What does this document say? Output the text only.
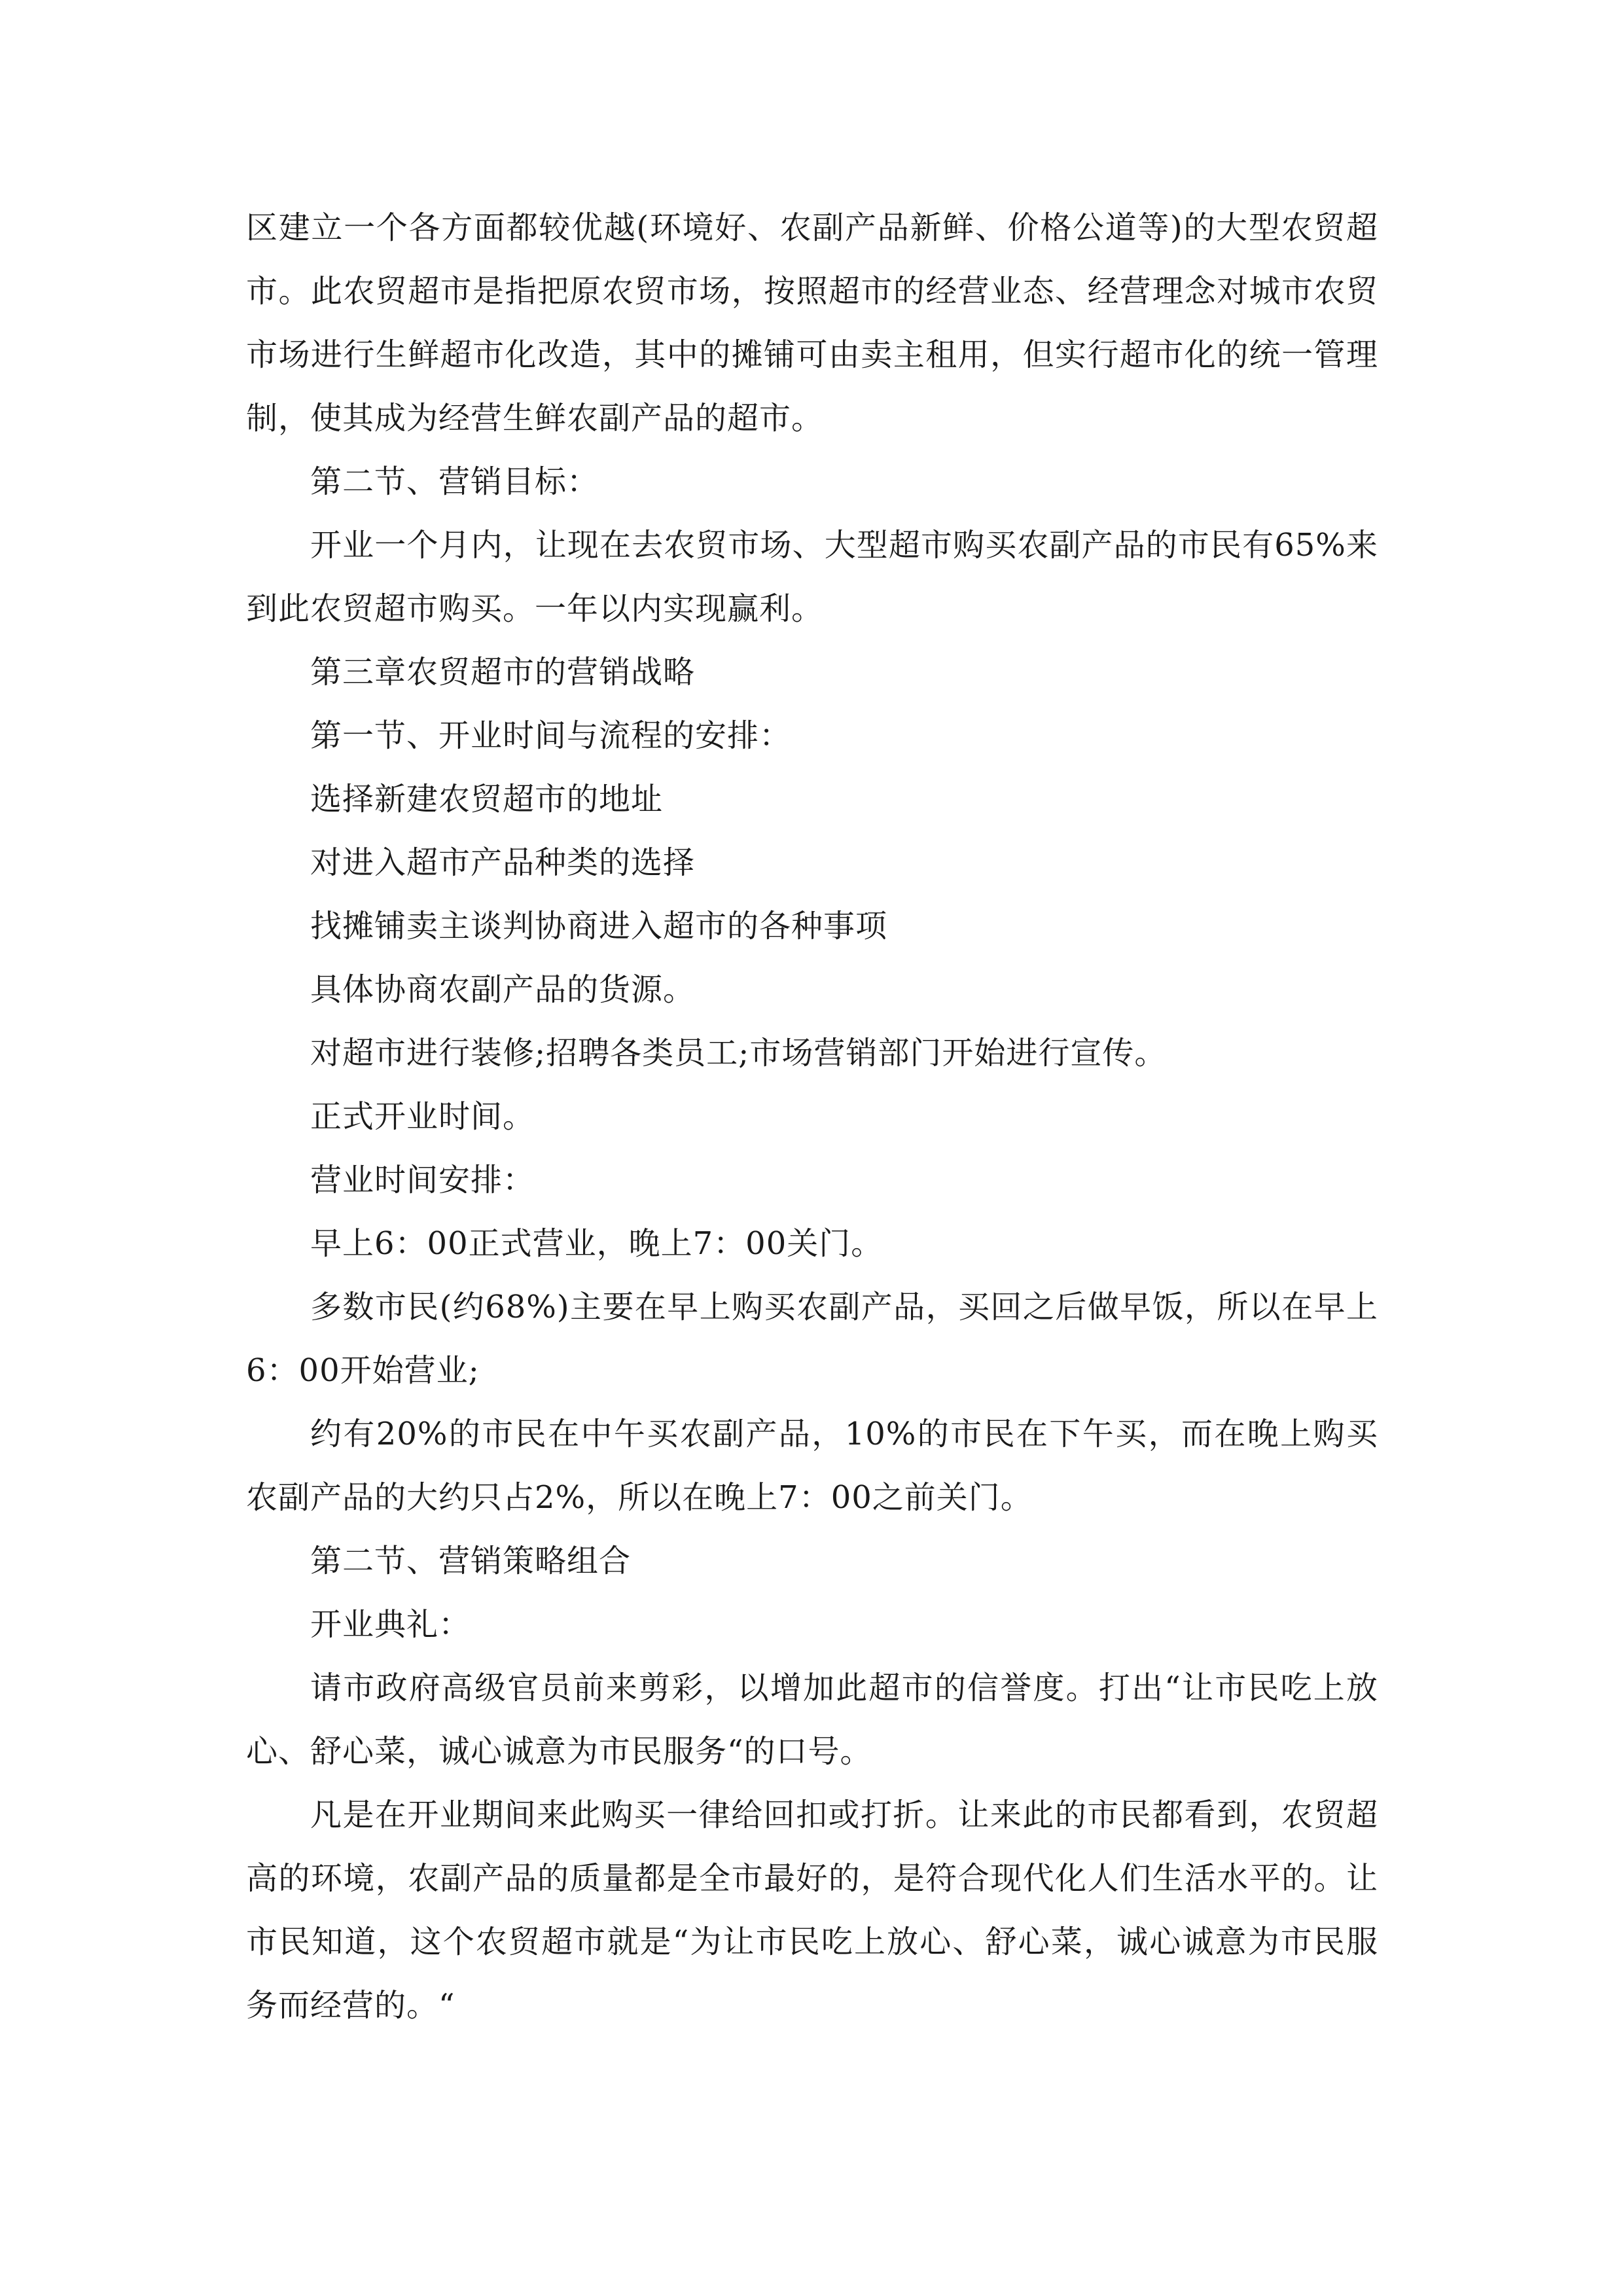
区建立一个各方面都较优越(环境好、农副产品新鲜、价格公道等)的大型农贸超市。此农贸超市是指把原农贸市场，按照超市的经营业态、经营理念对城市农贸市场进行生鲜超市化改造，其中的摊铺可由卖主租用，但实行超市化的统一管理制，使其成为经营生鲜农副产品的超市。

第二节、营销目标：

开业一个月内，让现在去农贸市场、大型超市购买农副产品的市民有65%来到此农贸超市购买。一年以内实现赢利。

第三章农贸超市的营销战略

第一节、开业时间与流程的安排：

选择新建农贸超市的地址

对进入超市产品种类的选择

找摊铺卖主谈判协商进入超市的各种事项

具体协商农副产品的货源。

对超市进行装修;招聘各类员工;市场营销部门开始进行宣传。

正式开业时间。

营业时间安排：

早上6：00正式营业，晚上7：00关门。

多数市民(约68%)主要在早上购买农副产品，买回之后做早饭，所以在早上6：00开始营业;

约有20%的市民在中午买农副产品，10%的市民在下午买，而在晚上购买农副产品的大约只占2%，所以在晚上7：00之前关门。

第二节、营销策略组合

开业典礼：

请市政府高级官员前来剪彩，以增加此超市的信誉度。打出“让市民吃上放心、舒心菜，诚心诚意为市民服务“的口号。

凡是在开业期间来此购买一律给回扣或打折。让来此的市民都看到，农贸超高的环境，农副产品的质量都是全市最好的，是符合现代化人们生活水平的。让市民知道，这个农贸超市就是“为让市民吃上放心、舒心菜，诚心诚意为市民服务而经营的。“
